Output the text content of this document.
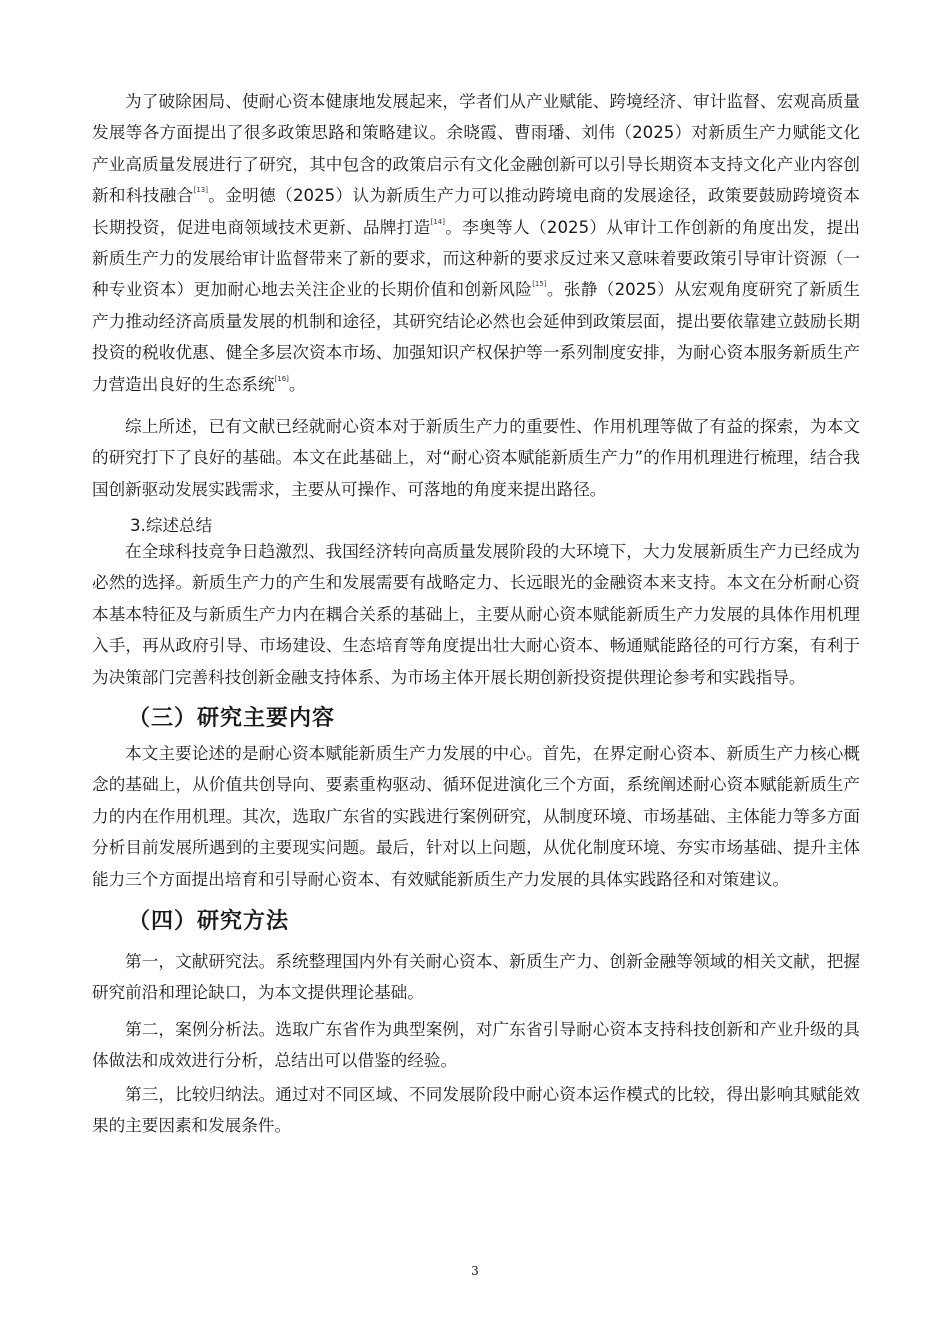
为了破除困局、使耐心资本健康地发展起来，学者们从产业赋能、跨境经济、审计监督、宏观高质量发展等各方面提出了很多政策思路和策略建议。余晓霞、曹雨璠、刘伟（2025）对新质生产力赋能文化产业高质量发展进行了研究，其中包含的政策启示有文化金融创新可以引导长期资本支持文化产业内容创新和科技融合[13]。金明德（2025）认为新质生产力可以推动跨境电商的发展途径，政策要鼓励跨境资本长期投资，促进电商领域技术更新、品牌打造[14]。李奥等人（2025）从审计工作创新的角度出发，提出新质生产力的发展给审计监督带来了新的要求，而这种新的要求反过来又意味着要政策引导审计资源（一种专业资本）更加耐心地去关注企业的长期价值和创新风险[15]。张静（2025）从宏观角度研究了新质生产力推动经济高质量发展的机制和途径，其研究结论必然也会延伸到政策层面，提出要依靠建立鼓励长期投资的税收优惠、健全多层次资本市场、加强知识产权保护等一系列制度安排，为耐心资本服务新质生产力营造出良好的生态系统[16]。
综上所述，已有文献已经就耐心资本对于新质生产力的重要性、作用机理等做了有益的探索，为本文的研究打下了良好的基础。本文在此基础上，对“耐心资本赋能新质生产力”的作用机理进行梳理，结合我国创新驱动发展实践需求，主要从可操作、可落地的角度来提出路径。
3.综述总结
在全球科技竞争日趋激烈、我国经济转向高质量发展阶段的大环境下，大力发展新质生产力已经成为必然的选择。新质生产力的产生和发展需要有战略定力、长远眼光的金融资本来支持。本文在分析耐心资本基本特征及与新质生产力内在耦合关系的基础上，主要从耐心资本赋能新质生产力发展的具体作用机理入手，再从政府引导、市场建设、生态培育等角度提出壮大耐心资本、畅通赋能路径的可行方案，有利于为决策部门完善科技创新金融支持体系、为市场主体开展长期创新投资提供理论参考和实践指导。
（三）研究主要内容
本文主要论述的是耐心资本赋能新质生产力发展的中心。首先，在界定耐心资本、新质生产力核心概念的基础上，从价值共创导向、要素重构驱动、循环促进演化三个方面，系统阐述耐心资本赋能新质生产力的内在作用机理。其次，选取广东省的实践进行案例研究，从制度环境、市场基础、主体能力等多方面分析目前发展所遇到的主要现实问题。最后，针对以上问题，从优化制度环境、夯实市场基础、提升主体能力三个方面提出培育和引导耐心资本、有效赋能新质生产力发展的具体实践路径和对策建议。
（四）研究方法
第一，文献研究法。系统整理国内外有关耐心资本、新质生产力、创新金融等领域的相关文献，把握研究前沿和理论缺口，为本文提供理论基础。
第二，案例分析法。选取广东省作为典型案例，对广东省引导耐心资本支持科技创新和产业升级的具体做法和成效进行分析，总结出可以借鉴的经验。
第三，比较归纳法。通过对不同区域、不同发展阶段中耐心资本运作模式的比较，得出影响其赋能效果的主要因素和发展条件。
3
